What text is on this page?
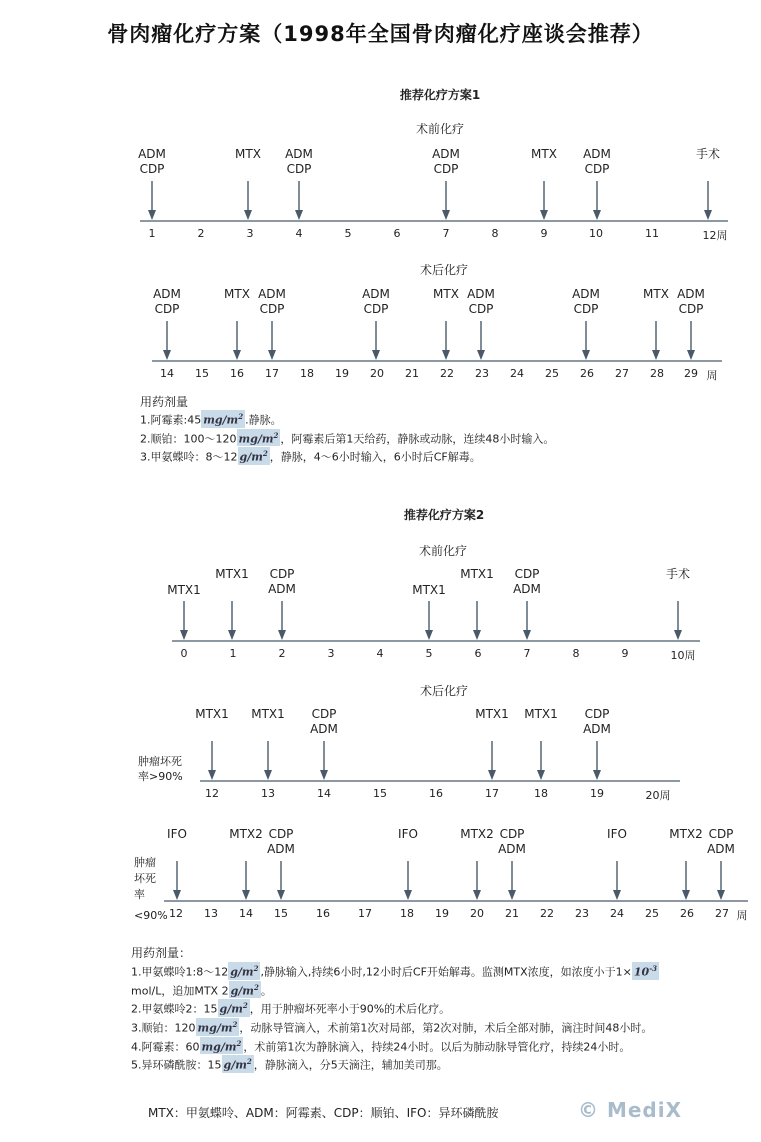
骨肉瘤化疗方案（1998年全国骨肉瘤化疗座谈会推荐）
推荐化疗方案1
术前化疗
1	2	3	4	5	6	7	8	9	10	11	12周
ADM
CDP
MTX ADM
CDP
ADM
CDP
MTX ADM
CDP
手术
术后化疗
14 15 16 17 18 19 20 21 22 23 24 25 26 27 28 29 周
ADM
CDP
MTX ADM
CDP
ADM
CDP
MTX ADM
CDP
ADM
CDP
MTX ADM
CDP
用药剂量
1.阿霉素:45 $mg/m^2$ .静脉。
2.顺铂：100～120 $mg/m^2$ ，阿霉素后第1天给药，静脉或动脉，连续48小时输入。
3.甲氨蝶呤：8～12 $g/m^2$ ，静脉，4～6小时输入，6小时后CF解毒。
推荐化疗方案2
术前化疗
0	1	2	3	4	5	6	7	8	9	10周
MTX1
MTX1 CDP
ADM	MTX1
MTX1 CDP
ADM
手术
术后化疗
肿瘤坏死
率>90%
12	13	14	15	16	17	18	19	20周
MTX1 MTX1 CDP
ADM
MTX1 MTX1 CDP
ADM
肿瘤
坏死
率
<90% 12 13 14 15	16	17	18 19 20 21 22 23 24 25 26 27 周
IFO	MTX2 CDP
ADM
IFO	MTX2 CDP
ADM
IFO	MTX2 CDP
ADM
用药剂量：
1.甲氨蝶呤1:8～12 $g/m^2$ ,静脉输入,持续6小时,12小时后CF开始解毒。监测MTX浓度，如浓度小于$1\times 10^{-3}$
mol/L，追加MTX 2 $g/m^2$ 。
2.甲氨蝶呤2：15 $g/m^2$ ，用于肿瘤坏死率小于90%的术后化疗。
3.顺铂：120 $mg/m^2$ ，动脉导管滴入，术前第1次对局部，第2次对肺，术后全部对肺，滴注时间48小时。
4.阿霉素：60 $mg/m^2$ ，术前第1次为静脉滴入，持续24小时。以后为肺动脉导管化疗，持续24小时。
5.异环磷酰胺：15 $g/m^2$ ，静脉滴入，分5天滴注，辅加美司那。
MTX：甲氨蝶呤、ADM：阿霉素、CDP：顺铂、IFO：异环磷酰胺	© MediX
